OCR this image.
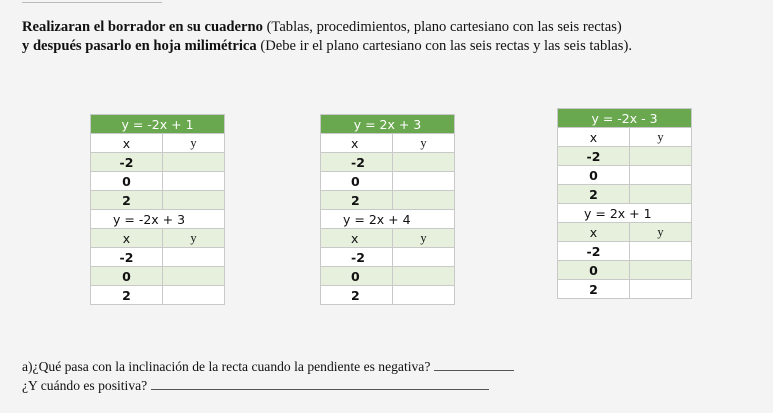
Realizaran el borrador en su cuaderno (Tablas, procedimientos, plano cartesiano con las seis rectas)
y después pasarlo en hoja milimétrica (Debe ir el plano cartesiano con las seis rectas y las seis tablas).
y = -2x + 1	
x	y
-2	
0	
2	
y = -2x + 3	
x	y
-2	
0	
2	
y = 2x + 3	
x	y
-2	
0	
2	
y = 2x + 4	
x	y
-2	
0	
2	
y = -2x - 3	
x	y
-2	
0	
2	
y = 2x + 1	
x	y
-2	
0	
2	
a)¿Qué pasa con la inclinación de la recta cuando la pendiente es negativa?
¿Y cuándo es positiva?
